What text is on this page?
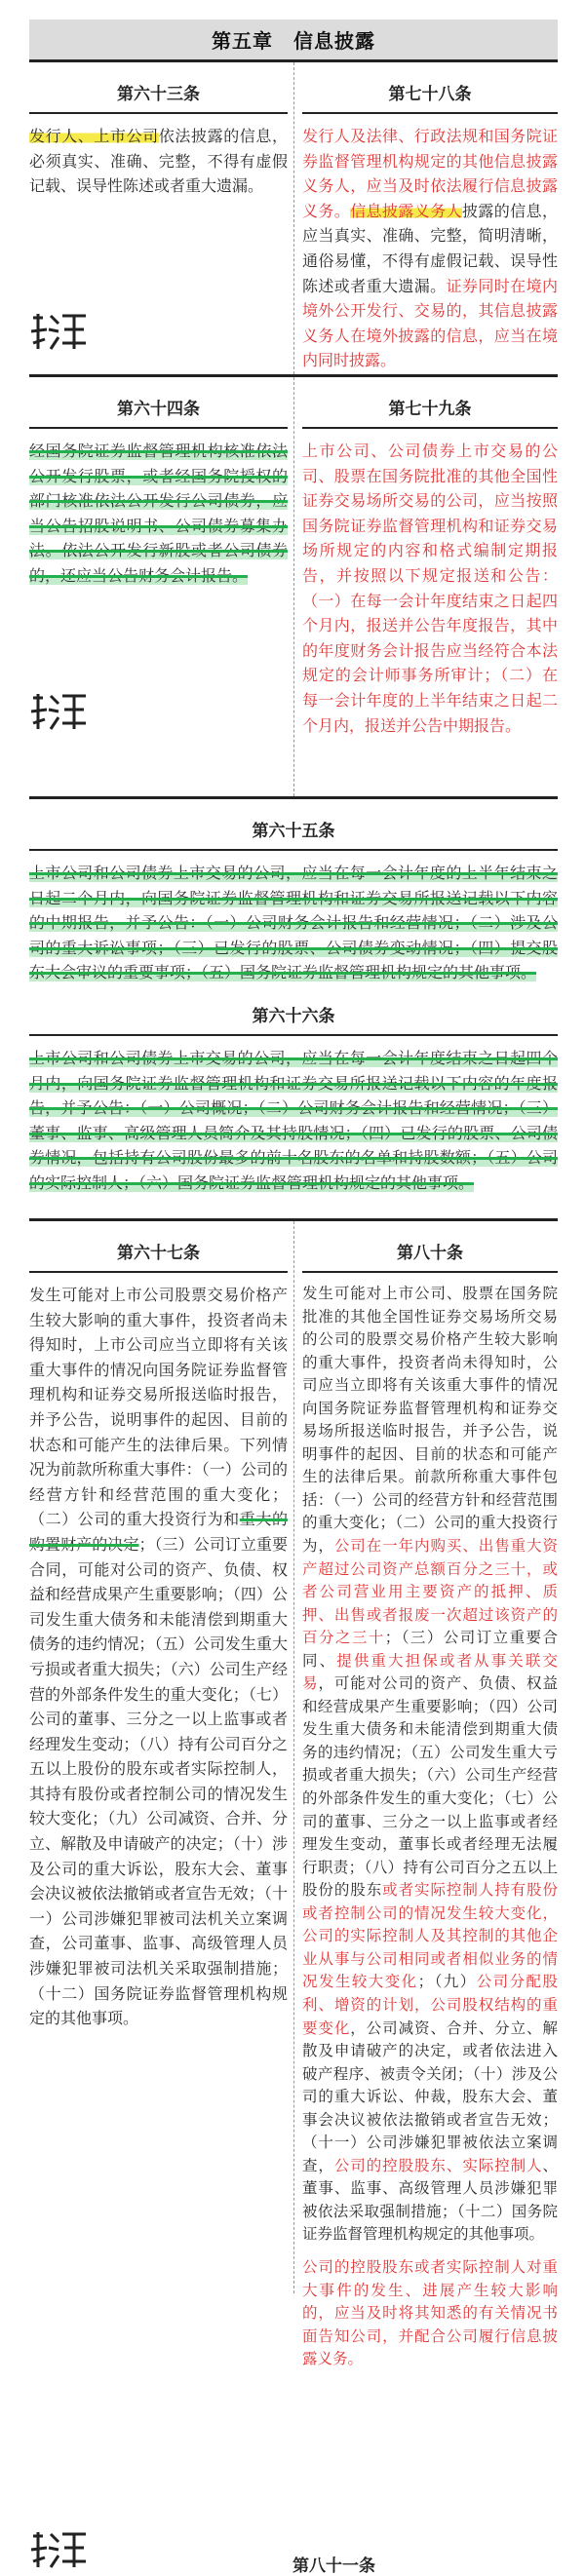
第五章　信息披露
第六十三条

发行人、上市公司依法披露的信息，必须真实、准确、完整，不得有虚假记载、误导性陈述或者重大遗漏。

第七十八条

发行人及法律、行政法规和国务院证券监督管理机构规定的其他信息披露义务人，应当及时依法履行信息披露义务。信息披露义务人披露的信息，应当真实、准确、完整，简明清晰，通俗易懂，不得有虚假记载、误导性陈述或者重大遗漏。证券同时在境内境外公开发行、交易的，其信息披露义务人在境外披露的信息，应当在境内同时披露。

第六十四条

经国务院证券监督管理机构核准依法公开发行股票，或者经国务院授权的部门核准依法公开发行公司债券，应当公告招股说明书、公司债券募集办法。依法公开发行新股或者公司债券的，还应当公告财务会计报告。

第七十九条

上市公司、公司债券上市交易的公司、股票在国务院批准的其他全国性证券交易场所交易的公司，应当按照国务院证券监督管理机构和证券交易场所规定的内容和格式编制定期报告，并按照以下规定报送和公告：（一）在每一会计年度结束之日起四个月内，报送并公告年度报告，其中的年度财务会计报告应当经符合本法规定的会计师事务所审计；（二）在每一会计年度的上半年结束之日起二个月内，报送并公告中期报告。

第六十五条

上市公司和公司债券上市交易的公司，应当在每一会计年度的上半年结束之日起二个月内，向国务院证券监督管理机构和证券交易所报送记载以下内容的中期报告，并予公告：（一）公司财务会计报告和经营情况；（二）涉及公司的重大诉讼事项；（三）已发行的股票、公司债券变动情况；（四）提交股东大会审议的重要事项；（五）国务院证券监督管理机构规定的其他事项。

第六十六条

上市公司和公司债券上市交易的公司，应当在每一会计年度结束之日起四个月内，向国务院证券监督管理机构和证券交易所报送记载以下内容的年度报告，并予公告：（一）公司概况；（二）公司财务会计报告和经营情况；（三）董事、监事、高级管理人员简介及其持股情况；（四）已发行的股票、公司债券情况，包括持有公司股份最多的前十名股东的名单和持股数额；（五）公司的实际控制人；（六）国务院证券监督管理机构规定的其他事项。

第六十七条

发生可能对上市公司股票交易价格产生较大影响的重大事件，投资者尚未得知时，上市公司应当立即将有关该重大事件的情况向国务院证券监督管理机构和证券交易所报送临时报告，并予公告，说明事件的起因、目前的状态和可能产生的法律后果。下列情况为前款所称重大事件：（一）公司的经营方针和经营范围的重大变化；（二）公司的重大投资行为和重大的购置财产的决定；（三）公司订立重要合同，可能对公司的资产、负债、权益和经营成果产生重要影响；（四）公司发生重大债务和未能清偿到期重大债务的违约情况；（五）公司发生重大亏损或者重大损失；（六）公司生产经营的外部条件发生的重大变化；（七）公司的董事、三分之一以上监事或者经理发生变动；（八）持有公司百分之五以上股份的股东或者实际控制人，其持有股份或者控制公司的情况发生较大变化；（九）公司减资、合并、分立、解散及申请破产的决定；（十）涉及公司的重大诉讼，股东大会、董事会决议被依法撤销或者宣告无效；（十一）公司涉嫌犯罪被司法机关立案调查，公司董事、监事、高级管理人员涉嫌犯罪被司法机关采取强制措施；（十二）国务院证券监督管理机构规定的其他事项。

第八十条

发生可能对上市公司、股票在国务院批准的其他全国性证券交易场所交易的公司的股票交易价格产生较大影响的重大事件，投资者尚未得知时，公司应当立即将有关该重大事件的情况向国务院证券监督管理机构和证券交易场所报送临时报告，并予公告，说明事件的起因、目前的状态和可能产生的法律后果。前款所称重大事件包括：（一）公司的经营方针和经营范围的重大变化；（二）公司的重大投资行为，公司在一年内购买、出售重大资产超过公司资产总额百分之三十，或者公司营业用主要资产的抵押、质押、出售或者报废一次超过该资产的百分之三十；（三）公司订立重要合同、提供重大担保或者从事关联交易，可能对公司的资产、负债、权益和经营成果产生重要影响；（四）公司发生重大债务和未能清偿到期重大债务的违约情况；（五）公司发生重大亏损或者重大损失；（六）公司生产经营的外部条件发生的重大变化；（七）公司的董事、三分之一以上监事或者经理发生变动，董事长或者经理无法履行职责；（八）持有公司百分之五以上股份的股东或者实际控制人持有股份或者控制公司的情况发生较大变化，公司的实际控制人及其控制的其他企业从事与公司相同或者相似业务的情况发生较大变化；（九）公司分配股利、增资的计划，公司股权结构的重要变化，公司减资、合并、分立、解散及申请破产的决定，或者依法进入破产程序、被责令关闭；（十）涉及公司的重大诉讼、仲裁，股东大会、董事会决议被依法撤销或者宣告无效；（十一）公司涉嫌犯罪被依法立案调查，公司的控股股东、实际控制人、董事、监事、高级管理人员涉嫌犯罪被依法采取强制措施；（十二）国务院证券监督管理机构规定的其他事项。

公司的控股股东或者实际控制人对重大事件的发生、进展产生较大影响的，应当及时将其知悉的有关情况书面告知公司，并配合公司履行信息披露义务。

第八十一条
